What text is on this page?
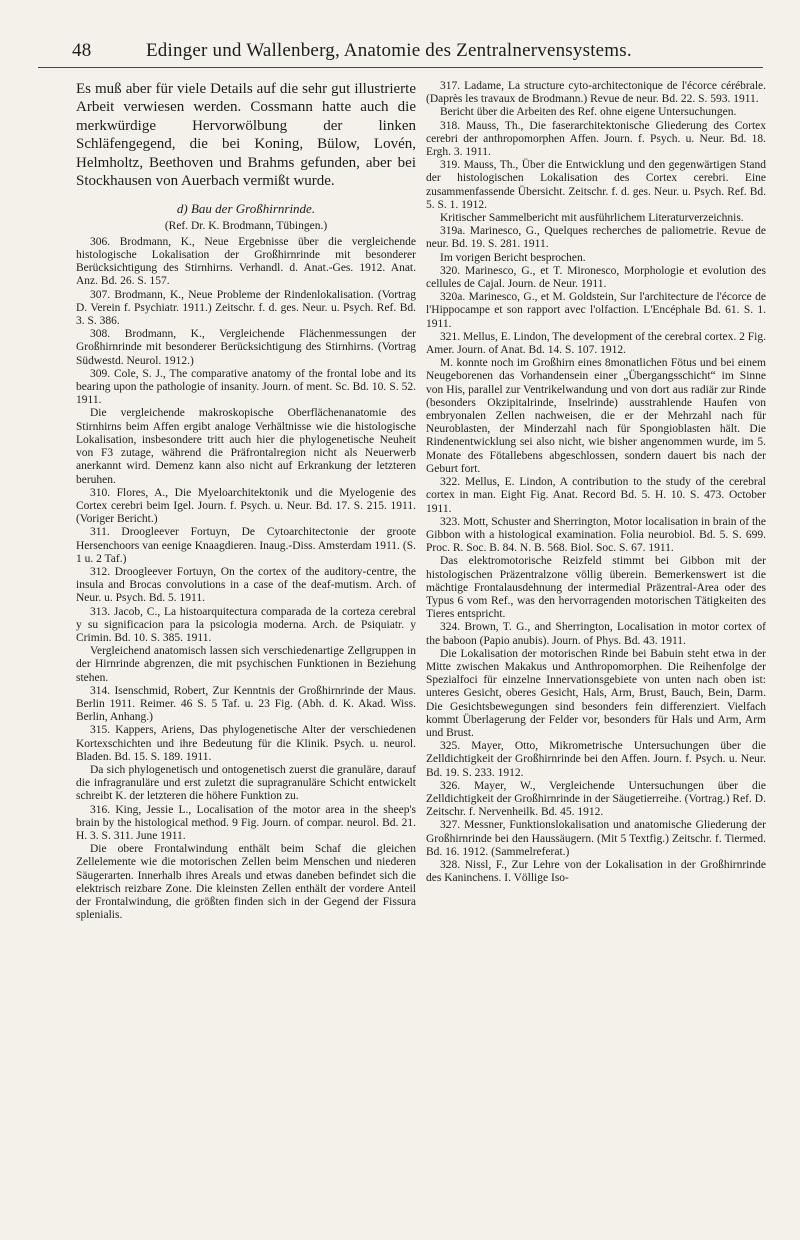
48	Edinger und Wallenberg, Anatomie des Zentralnervensystems.

Es muß aber für viele Details auf die sehr gut illustrierte Arbeit verwiesen werden. Cossmann hatte auch die merkwürdige Hervorwölbung der linken Schläfengegend, die bei Koning, Bülow, Lovén, Helmholtz, Beethoven und Brahms gefunden, aber bei Stockhausen von Auerbach vermißt wurde.

d) Bau der Großhirnrinde.

(Ref. Dr. K. Brodmann, Tübingen.)

306. Brodmann, K., Neue Ergebnisse über die vergleichende histologische Lokalisation der Großhirnrinde mit besonderer Berücksichtigung des Stirnhirns. Verhandl. d. Anat.-Ges. 1912. Anat. Anz. Bd. 26. S. 157.

307. Brodmann, K., Neue Probleme der Rindenlokalisation. (Vortrag D. Verein f. Psychiatr. 1911.) Zeitschr. f. d. ges. Neur. u. Psych. Ref. Bd. 3. S. 386.

308. Brodmann, K., Vergleichende Flächenmessungen der Großhirnrinde mit besonderer Berücksichtigung des Stirnhirns. (Vortrag Südwestd. Neurol. 1912.)

309. Cole, S. J., The comparative anatomy of the frontal lobe and its bearing upon the pathologie of insanity. Journ. of ment. Sc. Bd. 10. S. 52. 1911.

Die vergleichende makroskopische Oberflächenanatomie des Stirnhirns beim Affen ergibt analoge Verhältnisse wie die histologische Lokalisation, insbesondere tritt auch hier die phylogenetische Neuheit von F3 zutage, während die Präfrontalregion nicht als Neuerwerb anerkannt wird. Demenz kann also nicht auf Erkrankung der letzteren beruhen.

310. Flores, A., Die Myeloarchitektonik und die Myelogenie des Cortex cerebri beim Igel. Journ. f. Psych. u. Neur. Bd. 17. S. 215. 1911. (Voriger Bericht.)

311. Droogleever Fortuyn, De Cytoarchitectonie der groote Hersenchoors van eenige Knaagdieren. Inaug.-Diss. Amsterdam 1911. (S. 1 u. 2 Taf.)

312. Droogleever Fortuyn, On the cortex of the auditory-centre, the insula and Brocas convolutions in a case of the deaf-mutism. Arch. of Neur. u. Psych. Bd. 5. 1911.

313. Jacob, C., La histoarquitectura comparada de la corteza cerebral y su significacion para la psicologia moderna. Arch. de Psiquiatr. y Crimin. Bd. 10. S. 385. 1911.

Vergleichend anatomisch lassen sich verschiedenartige Zellgruppen in der Hirnrinde abgrenzen, die mit psychischen Funktionen in Beziehung stehen.

314. Isenschmid, Robert, Zur Kenntnis der Großhirnrinde der Maus. Berlin 1911. Reimer. 46 S. 5 Taf. u. 23 Fig. (Abh. d. K. Akad. Wiss. Berlin, Anhang.)

315. Kappers, Ariens, Das phylogenetische Alter der verschiedenen Kortexschichten und ihre Bedeutung für die Klinik. Psych. u. neurol. Bladen. Bd. 15. S. 189. 1911.

Da sich phylogenetisch und ontogenetisch zuerst die granuläre, darauf die infragranuläre und erst zuletzt die supragranuläre Schicht entwickelt schreibt K. der letzteren die höhere Funktion zu.

316. King, Jessie L., Localisation of the motor area in the sheep's brain by the histological method. 9 Fig. Journ. of compar. neurol. Bd. 21. H. 3. S. 311. June 1911.

Die obere Frontalwindung enthält beim Schaf die gleichen Zellelemente wie die motorischen Zellen beim Menschen und niederen Säugerarten. Innerhalb ihres Areals und etwas daneben befindet sich die elektrisch reizbare Zone. Die kleinsten Zellen enthält der vordere Anteil der Frontalwindung, die größten finden sich in der Gegend der Fissura splenialis.

317. Ladame, La structure cyto-architectonique de l'écorce cérébrale. (Daprès les travaux de Brodmann.) Revue de neur. Bd. 22. S. 593. 1911.

Bericht über die Arbeiten des Ref. ohne eigene Untersuchungen.

318. Mauss, Th., Die faserarchitektonische Gliederung des Cortex cerebri der anthropomorphen Affen. Journ. f. Psych. u. Neur. Bd. 18. Ergh. 3. 1911.

319. Mauss, Th., Über die Entwicklung und den gegenwärtigen Stand der histologischen Lokalisation des Cortex cerebri. Eine zusammenfassende Übersicht. Zeitschr. f. d. ges. Neur. u. Psych. Ref. Bd. 5. S. 1. 1912.

Kritischer Sammelbericht mit ausführlichem Literaturverzeichnis.

319a. Marinesco, G., Quelques recherches de paliometrie. Revue de neur. Bd. 19. S. 281. 1911.

Im vorigen Bericht besprochen.

320. Marinesco, G., et T. Mironesco, Morphologie et evolution des cellules de Cajal. Journ. de Neur. 1911.

320a. Marinesco, G., et M. Goldstein, Sur l'architecture de l'écorce de l'Hippocampe et son rapport avec l'olfaction. L'Encéphale Bd. 61. S. 1. 1911.

321. Mellus, E. Lindon, The development of the cerebral cortex. 2 Fig. Amer. Journ. of Anat. Bd. 14. S. 107. 1912.

M. konnte noch im Großhirn eines 8monatlichen Fötus und bei einem Neugeborenen das Vorhandensein einer „Übergangsschicht“ im Sinne von His, parallel zur Ventrikelwandung und von dort aus radiär zur Rinde (besonders Okzipitalrinde, Inselrinde) ausstrahlende Haufen von embryonalen Zellen nachweisen, die er der Mehrzahl nach für Neuroblasten, der Minderzahl nach für Spongioblasten hält. Die Rindenentwicklung sei also nicht, wie bisher angenommen wurde, im 5. Monate des Fötallebens abgeschlossen, sondern dauert bis nach der Geburt fort.

322. Mellus, E. Lindon, A contribution to the study of the cerebral cortex in man. Eight Fig. Anat. Record Bd. 5. H. 10. S. 473. October 1911.

323. Mott, Schuster and Sherrington, Motor localisation in brain of the Gibbon with a histological examination. Folia neurobiol. Bd. 5. S. 699. Proc. R. Soc. B. 84. N. B. 568. Biol. Soc. S. 67. 1911.

Das elektromotorische Reizfeld stimmt bei Gibbon mit der histologischen Präzentralzone völlig überein. Bemerkenswert ist die mächtige Frontalausdehnung der intermedial Präzentral-Area oder des Typus 6 vom Ref., was den hervorragenden motorischen Tätigkeiten des Tieres entspricht.

324. Brown, T. G., and Sherrington, Localisation in motor cortex of the baboon (Papio anubis). Journ. of Phys. Bd. 43. 1911.

Die Lokalisation der motorischen Rinde bei Babuin steht etwa in der Mitte zwischen Makakus und Anthropomorphen. Die Reihenfolge der Spezialfoci für einzelne Innervationsgebiete von unten nach oben ist: unteres Gesicht, oberes Gesicht, Hals, Arm, Brust, Bauch, Bein, Darm. Die Gesichtsbewegungen sind besonders fein differenziert. Vielfach kommt Überlagerung der Felder vor, besonders für Hals und Arm, Arm und Brust.

325. Mayer, Otto, Mikrometrische Untersuchungen über die Zelldichtigkeit der Großhirnrinde bei den Affen. Journ. f. Psych. u. Neur. Bd. 19. S. 233. 1912.

326. Mayer, W., Vergleichende Untersuchungen über die Zelldichtigkeit der Großhirnrinde in der Säugetierreihe. (Vortrag.) Ref. D. Zeitschr. f. Nervenheilk. Bd. 45. 1912.

327. Messner, Funktionslokalisation und anatomische Gliederung der Großhirnrinde bei den Haussäugern. (Mit 5 Textfig.) Zeitschr. f. Tiermed. Bd. 16. 1912. (Sammelreferat.)

328. Nissl, F., Zur Lehre von der Lokalisation in der Großhirnrinde des Kaninchens. I. Völlige Iso-
